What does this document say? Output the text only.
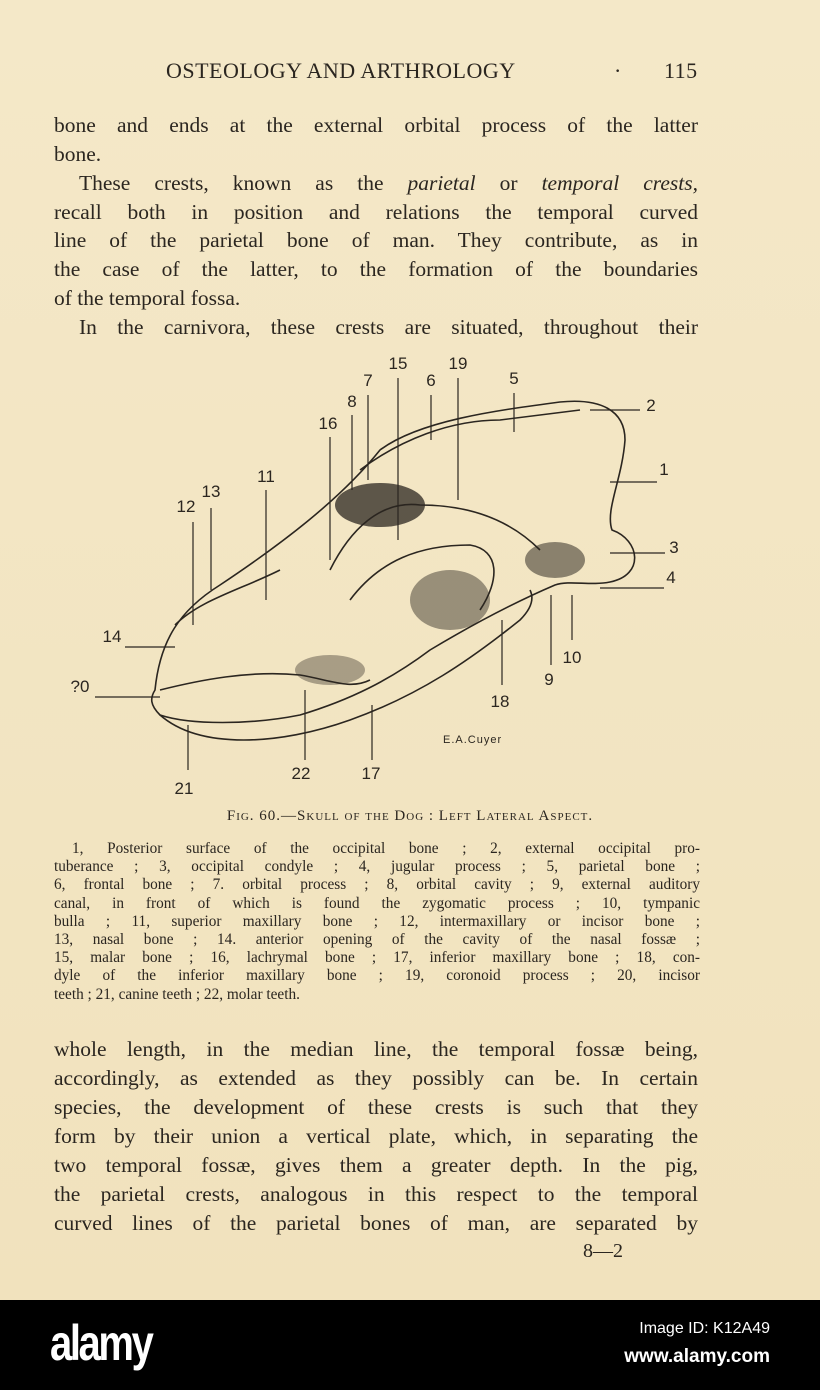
OSTEOLOGY AND ARTHROLOGY	· 115
bone and ends at the external orbital process of the latter
bone.
These crests, known as the parietal or temporal crests,
recall both in position and relations the temporal curved
line of the parietal bone of man. They contribute, as in
the case of the latter, to the formation of the boundaries
of the temporal fossa.
In the carnivora, these crests are situated, throughout their
15 19
7	6	5
8	2
16
1
11
13
12
3
4
14
10
?0	9
18
21
22	17
E.A.Cuyer
Fig. 60.—Skull of the Dog : Left Lateral Aspect.
1, Posterior surface of the occipital bone ; 2, external occipital pro-
tuberance ; 3, occipital condyle ; 4, jugular process ; 5, parietal bone ;
6, frontal bone ; 7. orbital process ; 8, orbital cavity ; 9, external auditory
canal, in front of which is found the zygomatic process ; 10, tympanic
bulla ; 11, superior maxillary bone ; 12, intermaxillary or incisor bone ;
13, nasal bone ; 14. anterior opening of the cavity of the nasal fossæ ;
15, malar bone ; 16, lachrymal bone ; 17, inferior maxillary bone ; 18, con-
dyle of the inferior maxillary bone ; 19, coronoid process ; 20, incisor
teeth ; 21, canine teeth ; 22, molar teeth.
whole length, in the median line, the temporal fossæ being,
accordingly, as extended as they possibly can be. In certain
species, the development of these crests is such that they
form by their union a vertical plate, which, in separating the
two temporal fossæ, gives them a greater depth. In the pig,
the parietal crests, analogous in this respect to the temporal
curved lines of the parietal bones of man, are separated by
8—2
alamy	Image ID: K12A49
www.alamy.com
